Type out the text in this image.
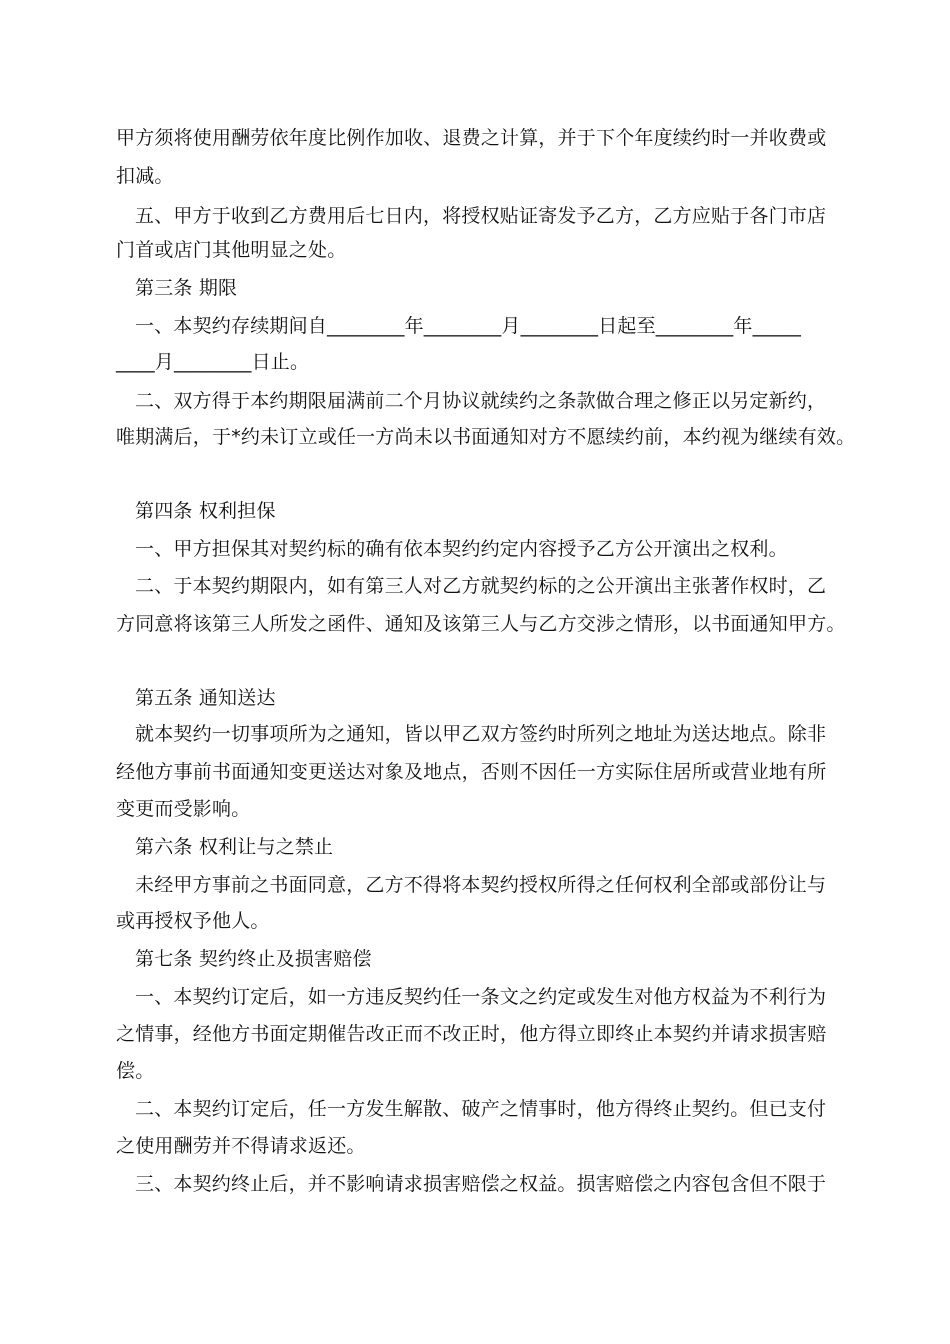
甲方须将使用酬劳依年度比例作加收、退费之计算，并于下个年度续约时一并收费或
扣减。
五、甲方于收到乙方费用后七日内，将授权贴证寄发予乙方，乙方应贴于各门市店
门首或店门其他明显之处。
第三条 期限
一、本契约存续期间自________年________月________日起至________年_____
____月________日止。
二、双方得于本约期限届满前二个月协议就续约之条款做合理之修正以另定新约，
唯期满后，于*约未订立或任一方尚未以书面通知对方不愿续约前，本约视为继续有效。
第四条 权利担保
一、甲方担保其对契约标的确有依本契约约定内容授予乙方公开演出之权利。
二、于本契约期限内，如有第三人对乙方就契约标的之公开演出主张著作权时，乙
方同意将该第三人所发之函件、通知及该第三人与乙方交涉之情形，以书面通知甲方。
第五条 通知送达
就本契约一切事项所为之通知，皆以甲乙双方签约时所列之地址为送达地点。除非
经他方事前书面通知变更送达对象及地点，否则不因任一方实际住居所或营业地有所
变更而受影响。
第六条 权利让与之禁止
未经甲方事前之书面同意，乙方不得将本契约授权所得之任何权利全部或部份让与
或再授权予他人。
第七条 契约终止及损害赔偿
一、本契约订定后，如一方违反契约任一条文之约定或发生对他方权益为不利行为
之情事，经他方书面定期催告改正而不改正时，他方得立即终止本契约并请求损害赔
偿。
二、本契约订定后，任一方发生解散、破产之情事时，他方得终止契约。但已支付
之使用酬劳并不得请求返还。
三、本契约终止后，并不影响请求损害赔偿之权益。损害赔偿之内容包含但不限于
